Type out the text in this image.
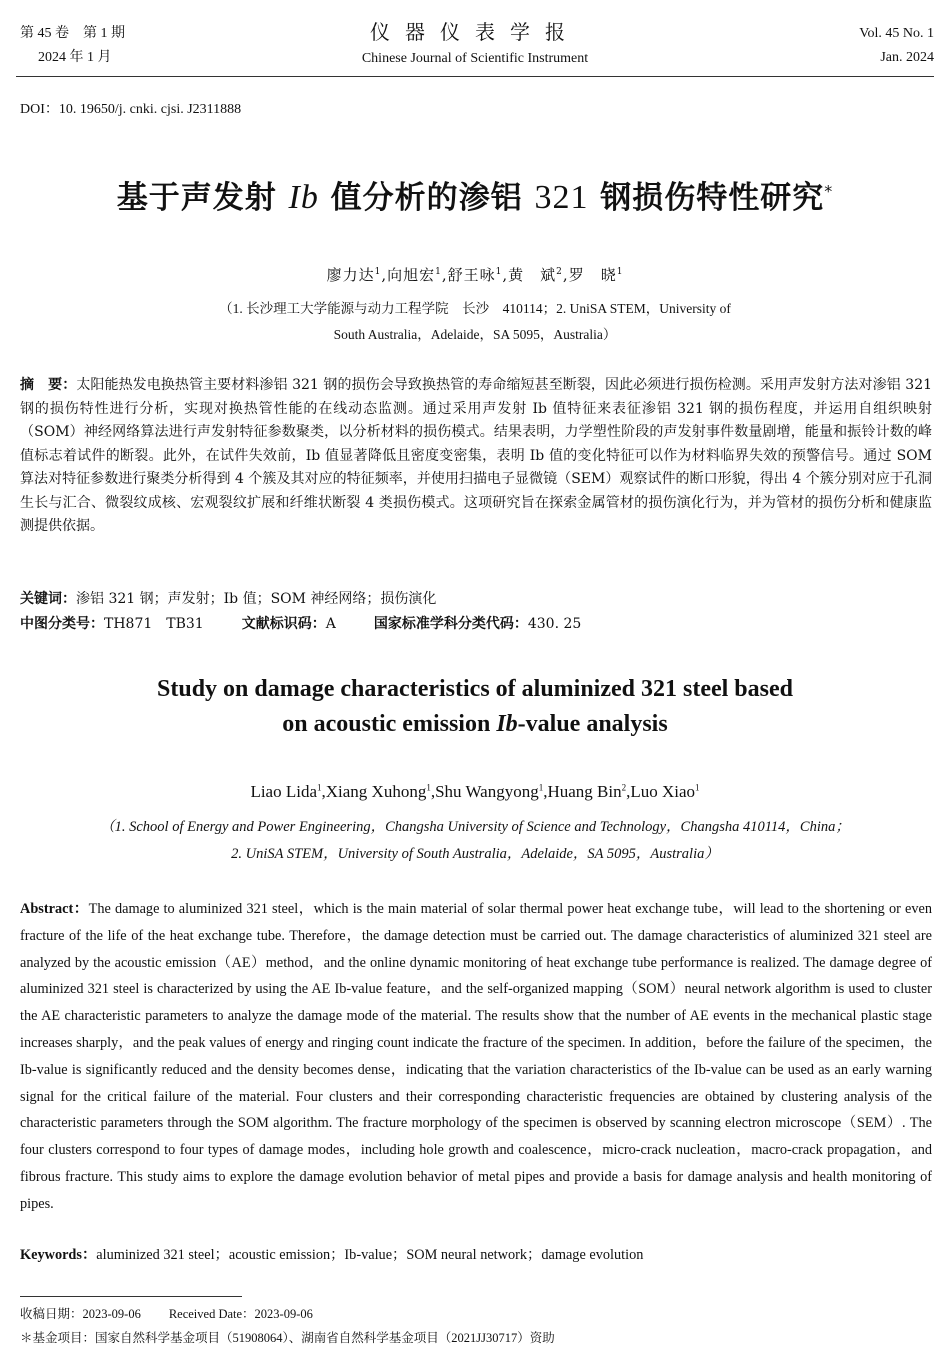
第 45 卷　第 1 期
2024 年 1 月
仪器仪表学报
Chinese Journal of Scientific Instrument
Vol. 45 No. 1
Jan. 2024
DOI：10. 19650/j. cnki. cjsi. J2311888
基于声发射 Ib 值分析的渗铝 321 钢损伤特性研究*
廖力达$^1$,向旭宏$^1$,舒王咏$^1$,黄　斌$^2$,罗　晓$^1$
（1. 长沙理工大学能源与动力工程学院　长沙　410114；2. UniSA STEM，University of
South Australia，Adelaide，SA 5095，Australia）
摘　要：太阳能热发电换热管主要材料渗铝 321 钢的损伤会导致换热管的寿命缩短甚至断裂，因此必须进行损伤检测。采用声发射方法对渗铝 321 钢的损伤特性进行分析，实现对换热管性能的在线动态监测。通过采用声发射 Ib 值特征来表征渗铝 321 钢的损伤程度，并运用自组织映射（SOM）神经网络算法进行声发射特征参数聚类，以分析材料的损伤模式。结果表明，力学塑性阶段的声发射事件数量剧增，能量和振铃计数的峰值标志着试件的断裂。此外，在试件失效前，Ib 值显著降低且密度变密集，表明 Ib 值的变化特征可以作为材料临界失效的预警信号。通过 SOM 算法对特征参数进行聚类分析得到 4 个簇及其对应的特征频率，并使用扫描电子显微镜（SEM）观察试件的断口形貌，得出 4 个簇分别对应于孔洞生长与汇合、微裂纹成核、宏观裂纹扩展和纤维状断裂 4 类损伤模式。这项研究旨在探索金属管材的损伤演化行为，并为管材的损伤分析和健康监测提供依据。
关键词：渗铝 321 钢；声发射；Ib 值；SOM 神经网络；损伤演化
中图分类号：TH871　TB31	文献标识码：A	国家标准学科分类代码：430. 25
Study on damage characteristics of aluminized 321 steel based
on acoustic emission Ib-value analysis
Liao Lida$^1$,Xiang Xuhong$^1$,Shu Wangyong$^1$,Huang Bin$^2$,Luo Xiao$^1$
（1. School of Energy and Power Engineering，Changsha University of Science and Technology，Changsha 410114，China；
2. UniSA STEM，University of South Australia，Adelaide，SA 5095，Australia）
Abstract：The damage to aluminized 321 steel，which is the main material of solar thermal power heat exchange tube，will lead to the shortening or even fracture of the life of the heat exchange tube. Therefore，the damage detection must be carried out. The damage characteristics of aluminized 321 steel are analyzed by the acoustic emission（AE）method，and the online dynamic monitoring of heat exchange tube performance is realized. The damage degree of aluminized 321 steel is characterized by using the AE Ib-value feature，and the self-organized mapping（SOM）neural network algorithm is used to cluster the AE characteristic parameters to analyze the damage mode of the material. The results show that the number of AE events in the mechanical plastic stage increases sharply，and the peak values of energy and ringing count indicate the fracture of the specimen. In addition，before the failure of the specimen，the Ib-value is significantly reduced and the density becomes dense，indicating that the variation characteristics of the Ib-value can be used as an early warning signal for the critical failure of the material. Four clusters and their corresponding characteristic frequencies are obtained by clustering analysis of the characteristic parameters through the SOM algorithm. The fracture morphology of the specimen is observed by scanning electron microscope（SEM）. The four clusters correspond to four types of damage modes，including hole growth and coalescence，micro-crack nucleation，macro-crack propagation，and fibrous fracture. This study aims to explore the damage evolution behavior of metal pipes and provide a basis for damage analysis and health monitoring of pipes.
Keywords：aluminized 321 steel；acoustic emission；Ib-value；SOM neural network；damage evolution
收稿日期：2023-09-06 Received Date：2023-09-06
＊基金项目：国家自然科学基金项目（51908064）、湖南省自然科学基金项目（2021JJ30717）资助
